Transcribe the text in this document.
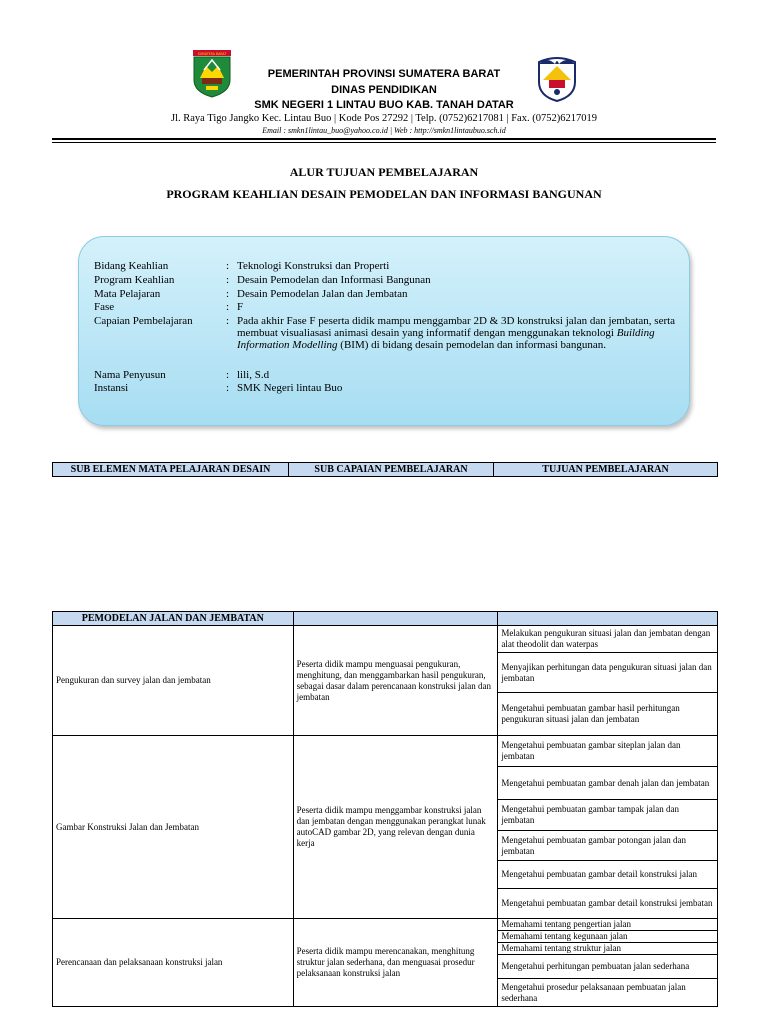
SUMATERA BARAT
PEMERINTAH PROVINSI SUMATERA BARAT
DINAS PENDIDIKAN
SMK NEGERI 1 LINTAU BUO KAB. TANAH DATAR
Jl. Raya Tigo Jangko Kec. Lintau Buo | Kode Pos 27292 | Telp. (0752)6217081 | Fax. (0752)6217019
Email : smkn1lintau_buo@yahoo.co.id | Web : http://smkn1lintaubuo.sch.id
ALUR TUJUAN PEMBELAJARAN
PROGRAM KEAHLIAN DESAIN PEMODELAN DAN INFORMASI BANGUNAN
Bidang Keahlian	: Teknologi Konstruksi dan Properti
Program Keahlian	: Desain Pemodelan dan Informasi Bangunan
Mata Pelajaran	: Desain Pemodelan Jalan dan Jembatan
Fase	: F
Capaian Pembelajaran	: Pada akhir Fase F peserta didik mampu menggambar 2D & 3D konstruksi jalan dan jembatan, serta membuat visualiasasi animasi desain yang informatif dengan menggunakan teknologi Building Information Modelling (BIM) di bidang desain pemodelan dan informasi bangunan.
Nama Penyusun	: lili, S.d
Instansi	: SMK Negeri lintau Buo
SUB ELEMEN MATA PELAJARAN DESAIN	SUB CAPAIAN PEMBELAJARAN	TUJUAN PEMBELAJARAN
PEMODELAN JALAN DAN JEMBATAN		
Pengukuran dan survey jalan dan jembatan	Peserta didik mampu menguasai pengukuran, menghitung, dan menggambarkan hasil pengukuran, sebagai dasar dalam perencanaan konstruksi jalan dan jembatan	Melakukan pengukuran situasi jalan dan jembatan dengan alat theodolit dan waterpas
		Menyajikan perhitungan data pengukuran situasi jalan dan jembatan
		Mengetahui pembuatan gambar hasil perhitungan pengukuran situasi jalan dan jembatan
Gambar Konstruksi Jalan dan Jembatan	Peserta didik mampu menggambar konstruksi jalan dan jembatan dengan menggunakan perangkat lunak autoCAD gambar 2D, yang relevan dengan dunia kerja	Mengetahui pembuatan gambar siteplan jalan dan jembatan
		Mengetahui pembuatan gambar denah jalan dan jembatan
		Mengetahui pembuatan gambar tampak jalan dan jembatan
		Mengetahui pembuatan gambar potongan jalan dan jembatan
		Mengetahui pembuatan gambar detail konstruksi jalan
		Mengetahui pembuatan gambar detail konstruksi jembatan
Perencanaan dan pelaksanaan konstruksi jalan	Peserta didik mampu merencanakan, menghitung struktur jalan sederhana, dan menguasai prosedur pelaksanaan konstruksi jalan	Memahami tentang pengertian jalan
		Memahami tentang kegunaan jalan
		Memahami tentang struktur jalan
		Mengetahui perhitungan pembuatan jalan sederhana
		Mengetahui prosedur pelaksanaan pembuatan jalan sederhana
